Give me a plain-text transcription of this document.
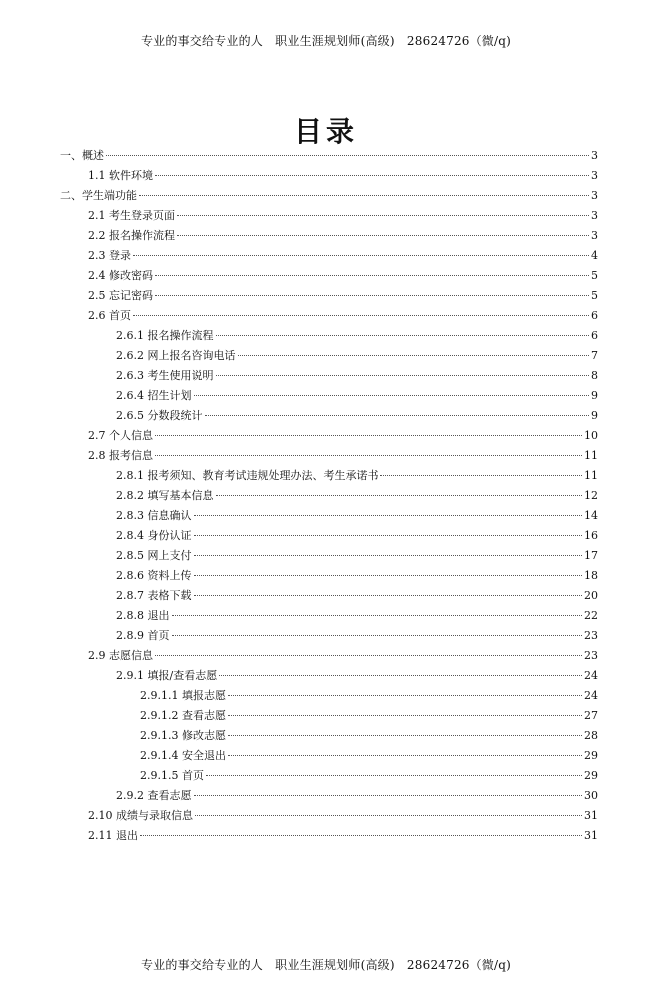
专业的事交给专业的人　职业生涯规划师(高级)　28624726（微/q)
目录
一、概述	3
1.1 软件环境	3
二、学生端功能	3
2.1 考生登录页面	3
2.2 报名操作流程	3
2.3 登录	4
2.4 修改密码	5
2.5 忘记密码	5
2.6 首页	6
2.6.1 报名操作流程	6
2.6.2 网上报名咨询电话	7
2.6.3 考生使用说明	8
2.6.4 招生计划	9
2.6.5 分数段统计	9
2.7 个人信息	10
2.8 报考信息	11
2.8.1 报考须知、教育考试违规处理办法、考生承诺书	11
2.8.2 填写基本信息	12
2.8.3 信息确认	14
2.8.4 身份认证	16
2.8.5 网上支付	17
2.8.6 资料上传	18
2.8.7 表格下载	20
2.8.8 退出	22
2.8.9 首页	23
2.9 志愿信息	23
2.9.1 填报/查看志愿	24
2.9.1.1 填报志愿	24
2.9.1.2 查看志愿	27
2.9.1.3 修改志愿	28
2.9.1.4 安全退出	29
2.9.1.5 首页	29
2.9.2 查看志愿	30
2.10 成绩与录取信息	31
2.11 退出	31
专业的事交给专业的人　职业生涯规划师(高级)　28624726（微/q)
